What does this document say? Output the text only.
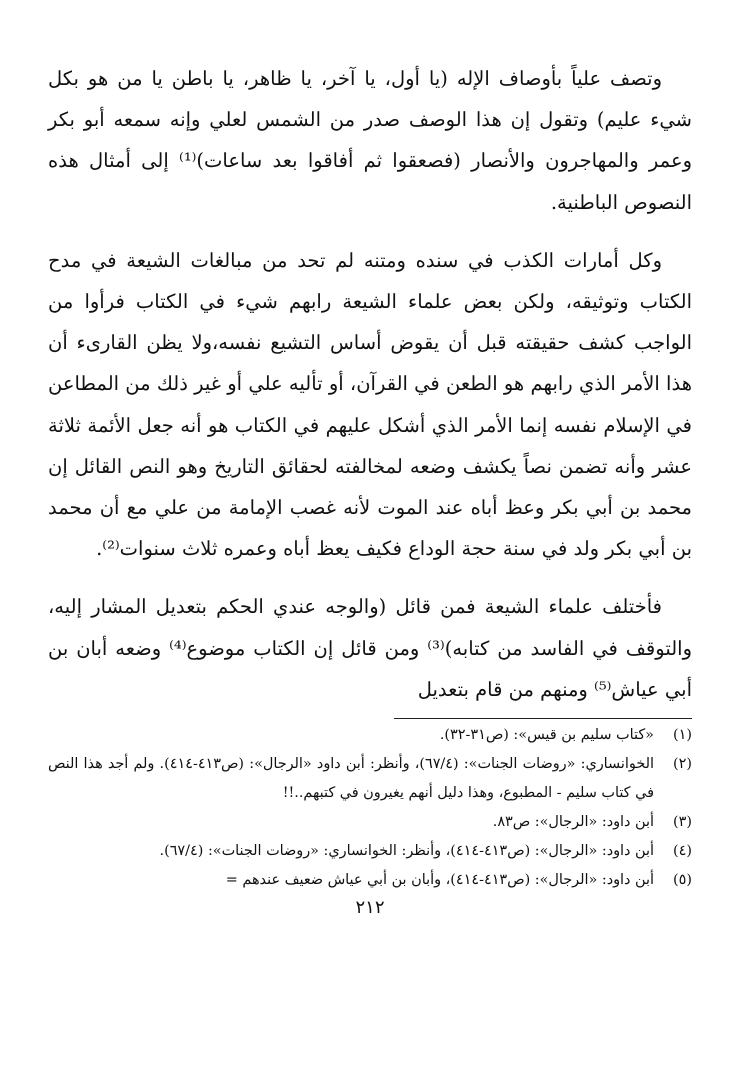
وتصف علياً بأوصاف الإله (يا أول، يا آخر، يا ظاهر، يا باطن يا من هو بكل شيء عليم) وتقول إن هذا الوصف صدر من الشمس لعلي وإنه سمعه أبو بكر وعمر والمهاجرون والأنصار (فصعقوا ثم أفاقوا بعد ساعات)⁽¹⁾ إلى أمثال هذه النصوص الباطنية.

وكل أمارات الكذب في سنده ومتنه لم تحد من مبالغات الشيعة في مدح الكتاب وتوثيقه، ولكن بعض علماء الشيعة رابهم شيء في الكتاب فرأوا من الواجب كشف حقيقته قبل أن يقوض أساس التشيع نفسه،ولا يظن القارىء أن هذا الأمر الذي رابهم هو الطعن في القرآن، أو تأليه علي أو غير ذلك من المطاعن في الإسلام نفسه إنما الأمر الذي أشكل عليهم في الكتاب هو أنه جعل الأئمة ثلاثة عشر وأنه تضمن نصاً يكشف وضعه لمخالفته لحقائق التاريخ وهو النص القائل إن محمد بن أبي بكر وعظ أباه عند الموت لأنه غصب الإمامة من علي مع أن محمد بن أبي بكر ولد في سنة حجة الوداع فكيف يعظ أباه وعمره ثلاث سنوات⁽²⁾.

فأختلف علماء الشيعة فمن قائل (والوجه عندي الحكم بتعديل المشار إليه، والتوقف في الفاسد من كتابه)⁽³⁾ ومن قائل إن الكتاب موضوع⁽⁴⁾ وضعه أبان بن أبي عياش⁽⁵⁾ ومنهم من قام بتعديل

(١)
«كتاب سليم بن قيس»: (ص٣١-٣٢).
(٢)
الخوانساري: «روضات الجنات»: (٦٧/٤)، وأنظر: أبن داود «الرجال»: (ص٤١٣-٤١٤). ولم أجد هذا النص في كتاب سليم - المطبوع، وهذا دليل أنهم يغيرون في كتبهم..!!
(٣)
أبن داود: «الرجال»: ص٨٣.
(٤)
أبن داود: «الرجال»: (ص٤١٣-٤١٤)، وأنظر: الخوانساري: «روضات الجنات»: (٦٧/٤).
(٥)
أبن داود: «الرجال»: (ص٤١٣-٤١٤)، وأبان بن أبي عياش ضعيف عندهم =
٢١٢
